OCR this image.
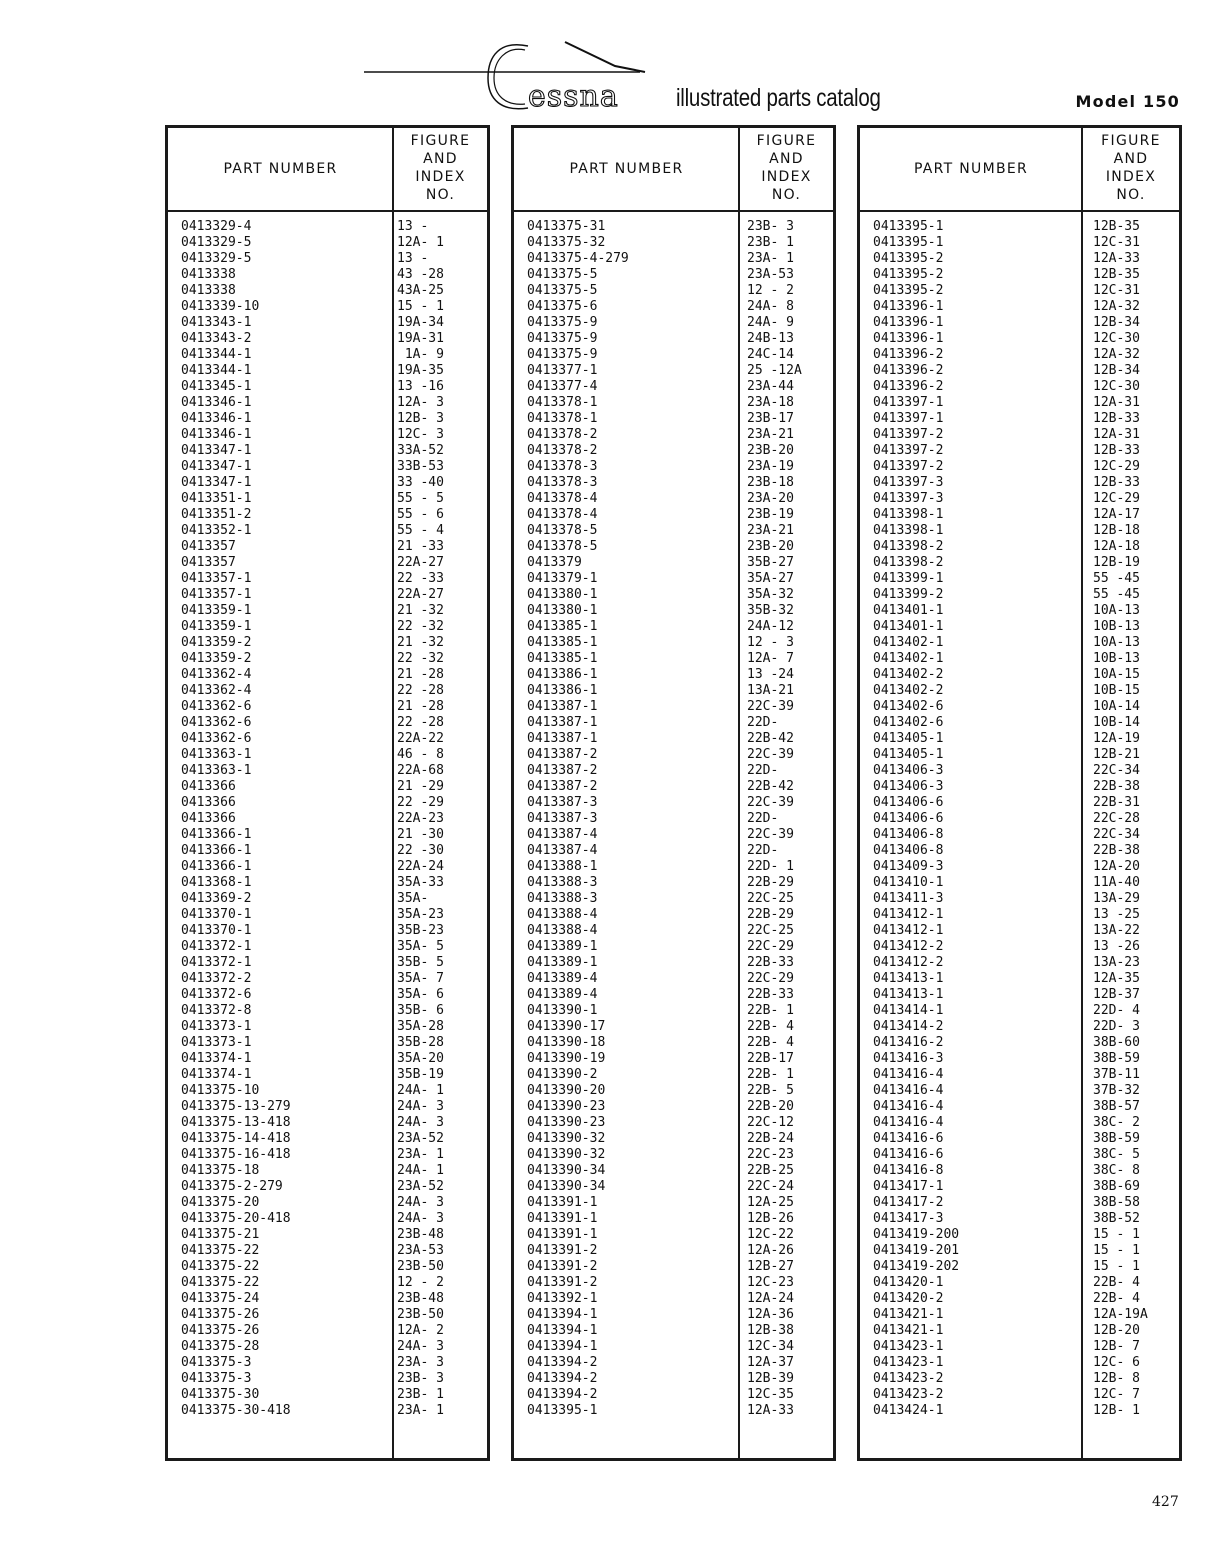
essna illustrated parts catalog	Model 150
PART NUMBER
FIGURE
AND
INDEX
NO.
0413329-4	13 -
0413329-5	12A- 1
0413329-5	13 -
0413338	43 -28
0413338	43A-25
0413339-10	15 - 1
0413343-1	19A-34
0413343-2	19A-31
0413344-1	1A- 9
0413344-1	19A-35
0413345-1	13 -16
0413346-1	12A- 3
0413346-1	12B- 3
0413346-1	12C- 3
0413347-1	33A-52
0413347-1	33B-53
0413347-1	33 -40
0413351-1	55 - 5
0413351-2	55 - 6
0413352-1	55 - 4
0413357	21 -33
0413357	22A-27
0413357-1	22 -33
0413357-1	22A-27
0413359-1	21 -32
0413359-1	22 -32
0413359-2	21 -32
0413359-2	22 -32
0413362-4	21 -28
0413362-4	22 -28
0413362-6	21 -28
0413362-6	22 -28
0413362-6	22A-22
0413363-1	46 - 8
0413363-1	22A-68
0413366	21 -29
0413366	22 -29
0413366	22A-23
0413366-1	21 -30
0413366-1	22 -30
0413366-1	22A-24
0413368-1	35A-33
0413369-2	35A-
0413370-1	35A-23
0413370-1	35B-23
0413372-1	35A- 5
0413372-1	35B- 5
0413372-2	35A- 7
0413372-6	35A- 6
0413372-8	35B- 6
0413373-1	35A-28
0413373-1	35B-28
0413374-1	35A-20
0413374-1	35B-19
0413375-10	24A- 1
0413375-13-279	24A- 3
0413375-13-418	24A- 3
0413375-14-418	23A-52
0413375-16-418	23A- 1
0413375-18	24A- 1
0413375-2-279	23A-52
0413375-20	24A- 3
0413375-20-418	24A- 3
0413375-21	23B-48
0413375-22	23A-53
0413375-22	23B-50
0413375-22	12 - 2
0413375-24	23B-48
0413375-26	23B-50
0413375-26	12A- 2
0413375-28	24A- 3
0413375-3	23A- 3
0413375-3	23B- 3
0413375-30	23B- 1
0413375-30-418	23A- 1
PART NUMBER
FIGURE
AND
INDEX
NO.
0413375-31	23B- 3
0413375-32	23B- 1
0413375-4-279	23A- 1
0413375-5	23A-53
0413375-5	12 - 2
0413375-6	24A- 8
0413375-9	24A- 9
0413375-9	24B-13
0413375-9	24C-14
0413377-1	25 -12A
0413377-4	23A-44
0413378-1	23A-18
0413378-1	23B-17
0413378-2	23A-21
0413378-2	23B-20
0413378-3	23A-19
0413378-3	23B-18
0413378-4	23A-20
0413378-4	23B-19
0413378-5	23A-21
0413378-5	23B-20
0413379	35B-27
0413379-1	35A-27
0413380-1	35A-32
0413380-1	35B-32
0413385-1	24A-12
0413385-1	12 - 3
0413385-1	12A- 7
0413386-1	13 -24
0413386-1	13A-21
0413387-1	22C-39
0413387-1	22D-
0413387-1	22B-42
0413387-2	22C-39
0413387-2	22D-
0413387-2	22B-42
0413387-3	22C-39
0413387-3	22D-
0413387-4	22C-39
0413387-4	22D-
0413388-1	22D- 1
0413388-3	22B-29
0413388-3	22C-25
0413388-4	22B-29
0413388-4	22C-25
0413389-1	22C-29
0413389-1	22B-33
0413389-4	22C-29
0413389-4	22B-33
0413390-1	22B- 1
0413390-17	22B- 4
0413390-18	22B- 4
0413390-19	22B-17
0413390-2	22B- 1
0413390-20	22B- 5
0413390-23	22B-20
0413390-23	22C-12
0413390-32	22B-24
0413390-32	22C-23
0413390-34	22B-25
0413390-34	22C-24
0413391-1	12A-25
0413391-1	12B-26
0413391-1	12C-22
0413391-2	12A-26
0413391-2	12B-27
0413391-2	12C-23
0413392-1	12A-24
0413394-1	12A-36
0413394-1	12B-38
0413394-1	12C-34
0413394-2	12A-37
0413394-2	12B-39
0413394-2	12C-35
0413395-1	12A-33
PART NUMBER
FIGURE
AND
INDEX
NO.
0413395-1	12B-35
0413395-1	12C-31
0413395-2	12A-33
0413395-2	12B-35
0413395-2	12C-31
0413396-1	12A-32
0413396-1	12B-34
0413396-1	12C-30
0413396-2	12A-32
0413396-2	12B-34
0413396-2	12C-30
0413397-1	12A-31
0413397-1	12B-33
0413397-2	12A-31
0413397-2	12B-33
0413397-2	12C-29
0413397-3	12B-33
0413397-3	12C-29
0413398-1	12A-17
0413398-1	12B-18
0413398-2	12A-18
0413398-2	12B-19
0413399-1	55 -45
0413399-2	55 -45
0413401-1	10A-13
0413401-1	10B-13
0413402-1	10A-13
0413402-1	10B-13
0413402-2	10A-15
0413402-2	10B-15
0413402-6	10A-14
0413402-6	10B-14
0413405-1	12A-19
0413405-1	12B-21
0413406-3	22C-34
0413406-3	22B-38
0413406-6	22B-31
0413406-6	22C-28
0413406-8	22C-34
0413406-8	22B-38
0413409-3	12A-20
0413410-1	11A-40
0413411-3	13A-29
0413412-1	13 -25
0413412-1	13A-22
0413412-2	13 -26
0413412-2	13A-23
0413413-1	12A-35
0413413-1	12B-37
0413414-1	22D- 4
0413414-2	22D- 3
0413416-2	38B-60
0413416-3	38B-59
0413416-4	37B-11
0413416-4	37B-32
0413416-4	38B-57
0413416-4	38C- 2
0413416-6	38B-59
0413416-6	38C- 5
0413416-8	38C- 8
0413417-1	38B-69
0413417-2	38B-58
0413417-3	38B-52
0413419-200	15 - 1
0413419-201	15 - 1
0413419-202	15 - 1
0413420-1	22B- 4
0413420-2	22B- 4
0413421-1	12A-19A
0413421-1	12B-20
0413423-1	12B- 7
0413423-1	12C- 6
0413423-2	12B- 8
0413423-2	12C- 7
0413424-1	12B- 1
427
